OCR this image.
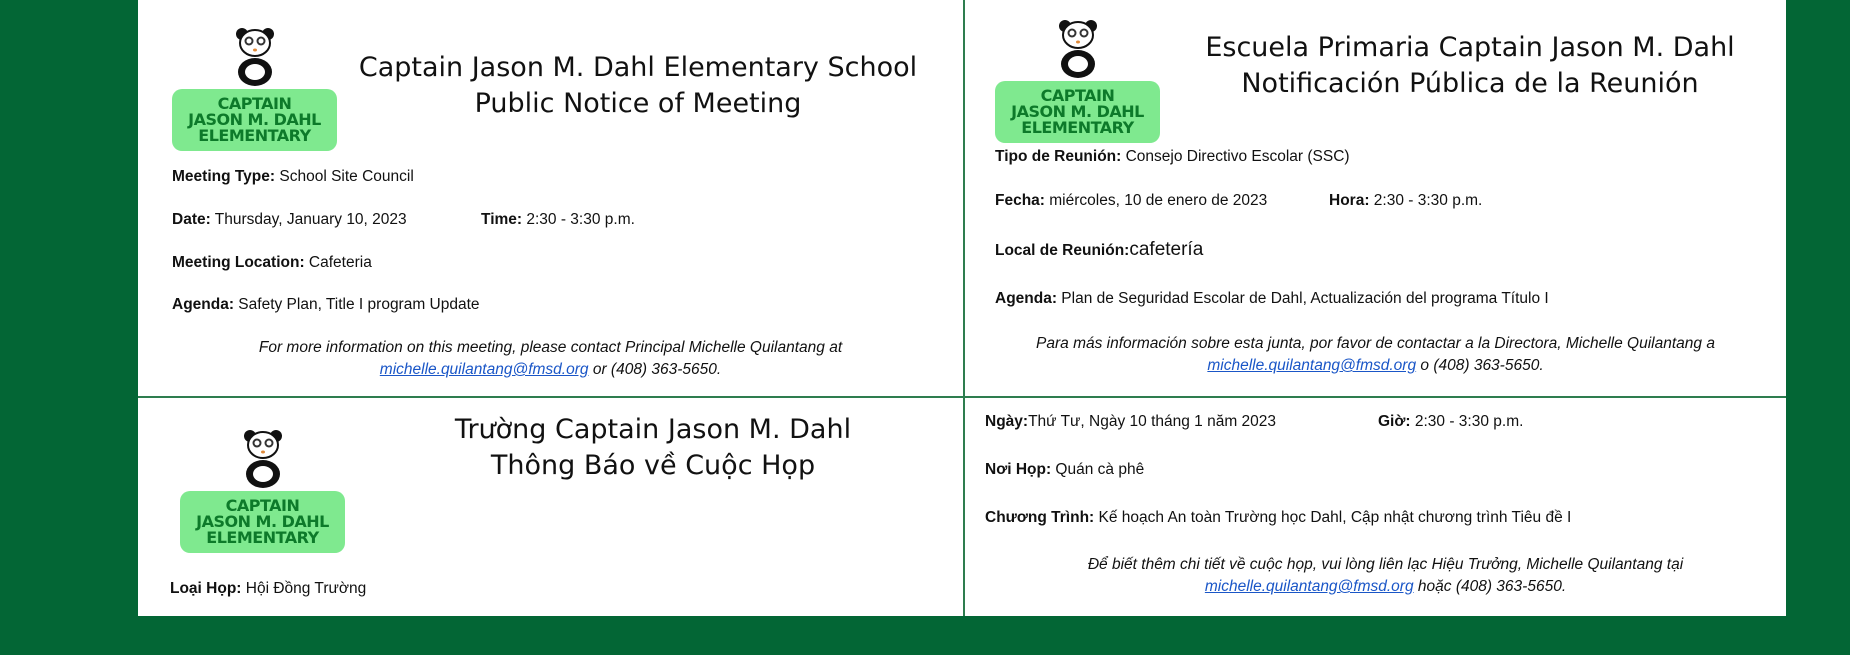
CAPTAIN
JASON M. DAHL
ELEMENTARY
Captain Jason M. Dahl Elementary School
Public Notice of Meeting
Meeting Type: School Site Council
Date: Thursday, January 10, 2023	Time: 2:30 - 3:30 p.m.
Meeting Location: Cafeteria
Agenda: Safety Plan, Title I program Update
For more information on this meeting, please contact Principal Michelle Quilantang at
michelle.quilantang@fmsd.org or (408) 363-5650.
CAPTAIN
JASON M. DAHL
ELEMENTARY
Escuela Primaria Captain Jason M. Dahl
Notificación Pública de la Reunión
Tipo de Reunión: Consejo Directivo Escolar (SSC)
Fecha: miércoles, 10 de enero de 2023	Hora: 2:30 - 3:30 p.m.
Local de Reunión:cafetería
Agenda: Plan de Seguridad Escolar de Dahl, Actualización del programa Título I
Para más información sobre esta junta, por favor de contactar a la Directora, Michelle Quilantang a
michelle.quilantang@fmsd.org o (408) 363-5650.
CAPTAIN
JASON M. DAHL
ELEMENTARY
Trường Captain Jason M. Dahl
Thông Báo về Cuộc Họp
Loại Họp: Hội Đồng Trường
Ngày:Thứ Tư, Ngày 10 tháng 1 năm 2023	Giờ: 2:30 - 3:30 p.m.
Nơi Họp: Quán cà phê
Chương Trình: Kế hoạch An toàn Trường học Dahl, Cập nhật chương trình Tiêu đề I
Để biết thêm chi tiết về cuộc họp, vui lòng liên lạc Hiệu Trưởng, Michelle Quilantang tại
michelle.quilantang@fmsd.org hoặc (408) 363-5650.
